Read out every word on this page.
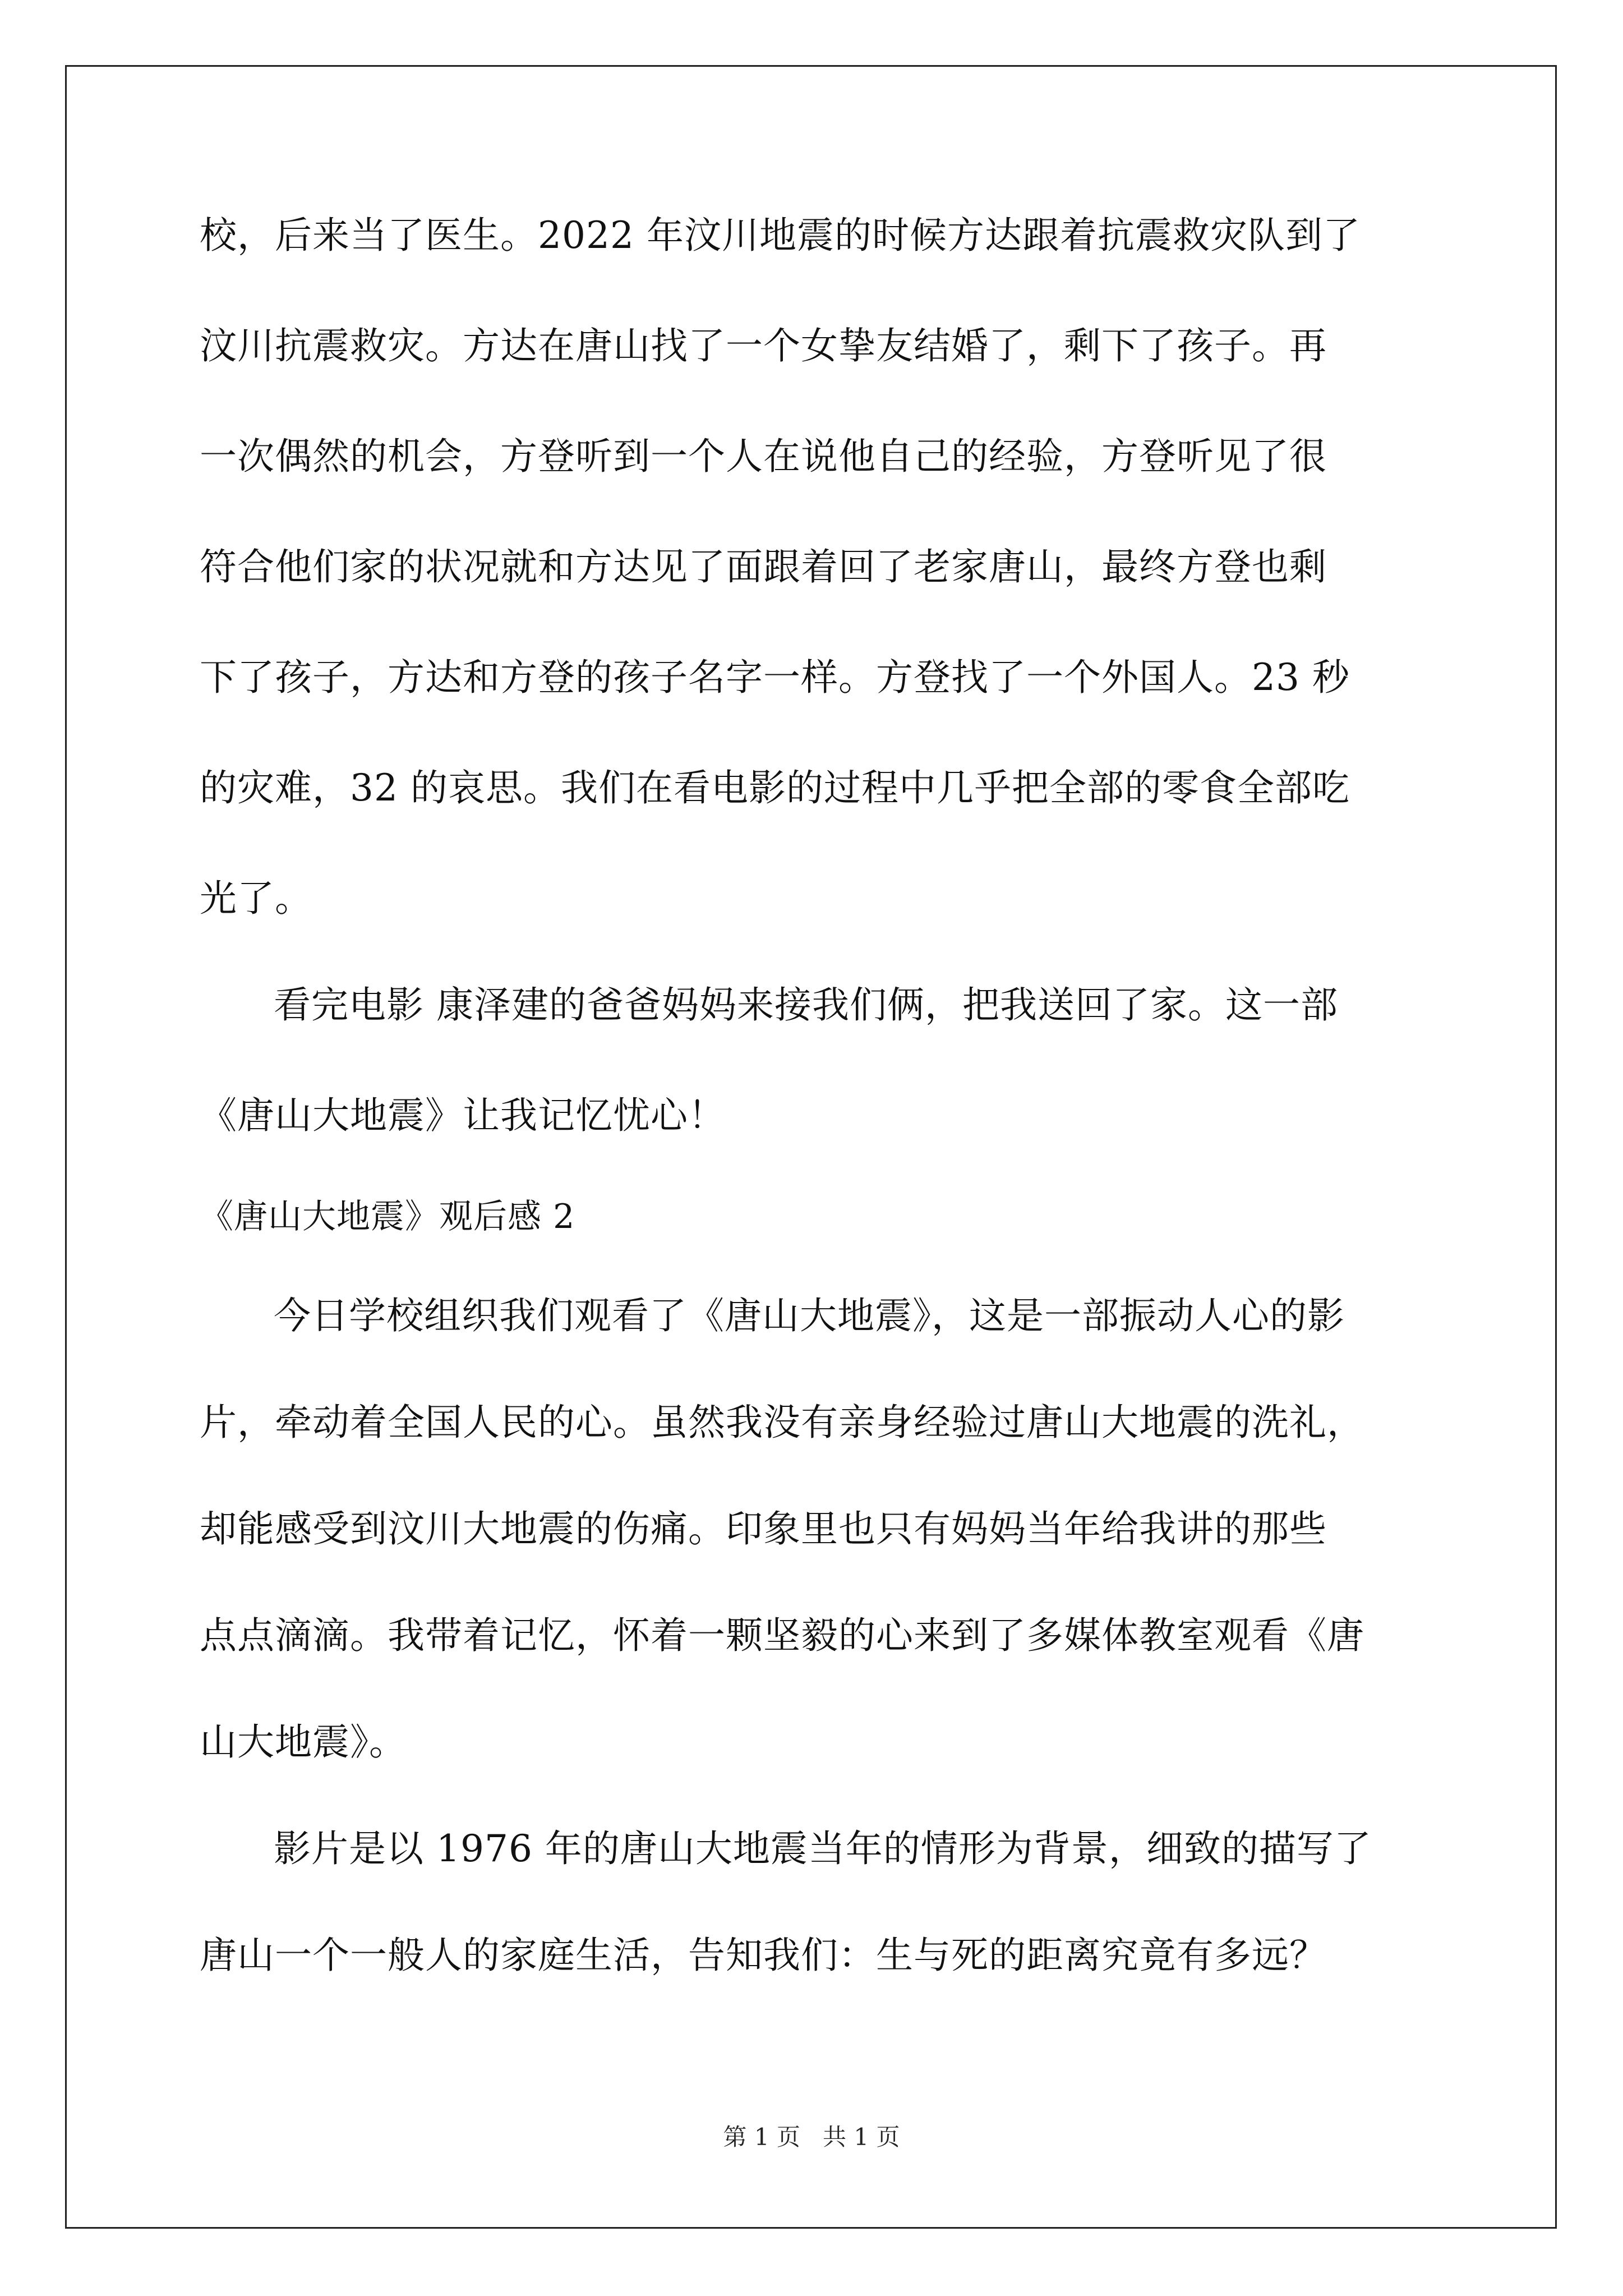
校，后来当了医生。2022 年汶川地震的时候方达跟着抗震救灾队到了
汶川抗震救灾。方达在唐山找了一个女挚友结婚了，剩下了孩子。再
一次偶然的机会，方登听到一个人在说他自己的经验，方登听见了很
符合他们家的状况就和方达见了面跟着回了老家唐山，最终方登也剩
下了孩子，方达和方登的孩子名字一样。方登找了一个外国人。23 秒
的灾难，32 的哀思。我们在看电影的过程中几乎把全部的零食全部吃
光了。
看完电影 康泽建的爸爸妈妈来接我们俩，把我送回了家。这一部
《唐山大地震》让我记忆忧心！
《唐山大地震》观后感 2
今日学校组织我们观看了《唐山大地震》，这是一部振动人心的影
片，牵动着全国人民的心。虽然我没有亲身经验过唐山大地震的洗礼，
却能感受到汶川大地震的伤痛。印象里也只有妈妈当年给我讲的那些
点点滴滴。我带着记忆，怀着一颗坚毅的心来到了多媒体教室观看《唐
山大地震》。
影片是以 1976 年的唐山大地震当年的情形为背景，细致的描写了
唐山一个一般人的家庭生活，告知我们：生与死的距离究竟有多远？
第 1 页   共 1 页
